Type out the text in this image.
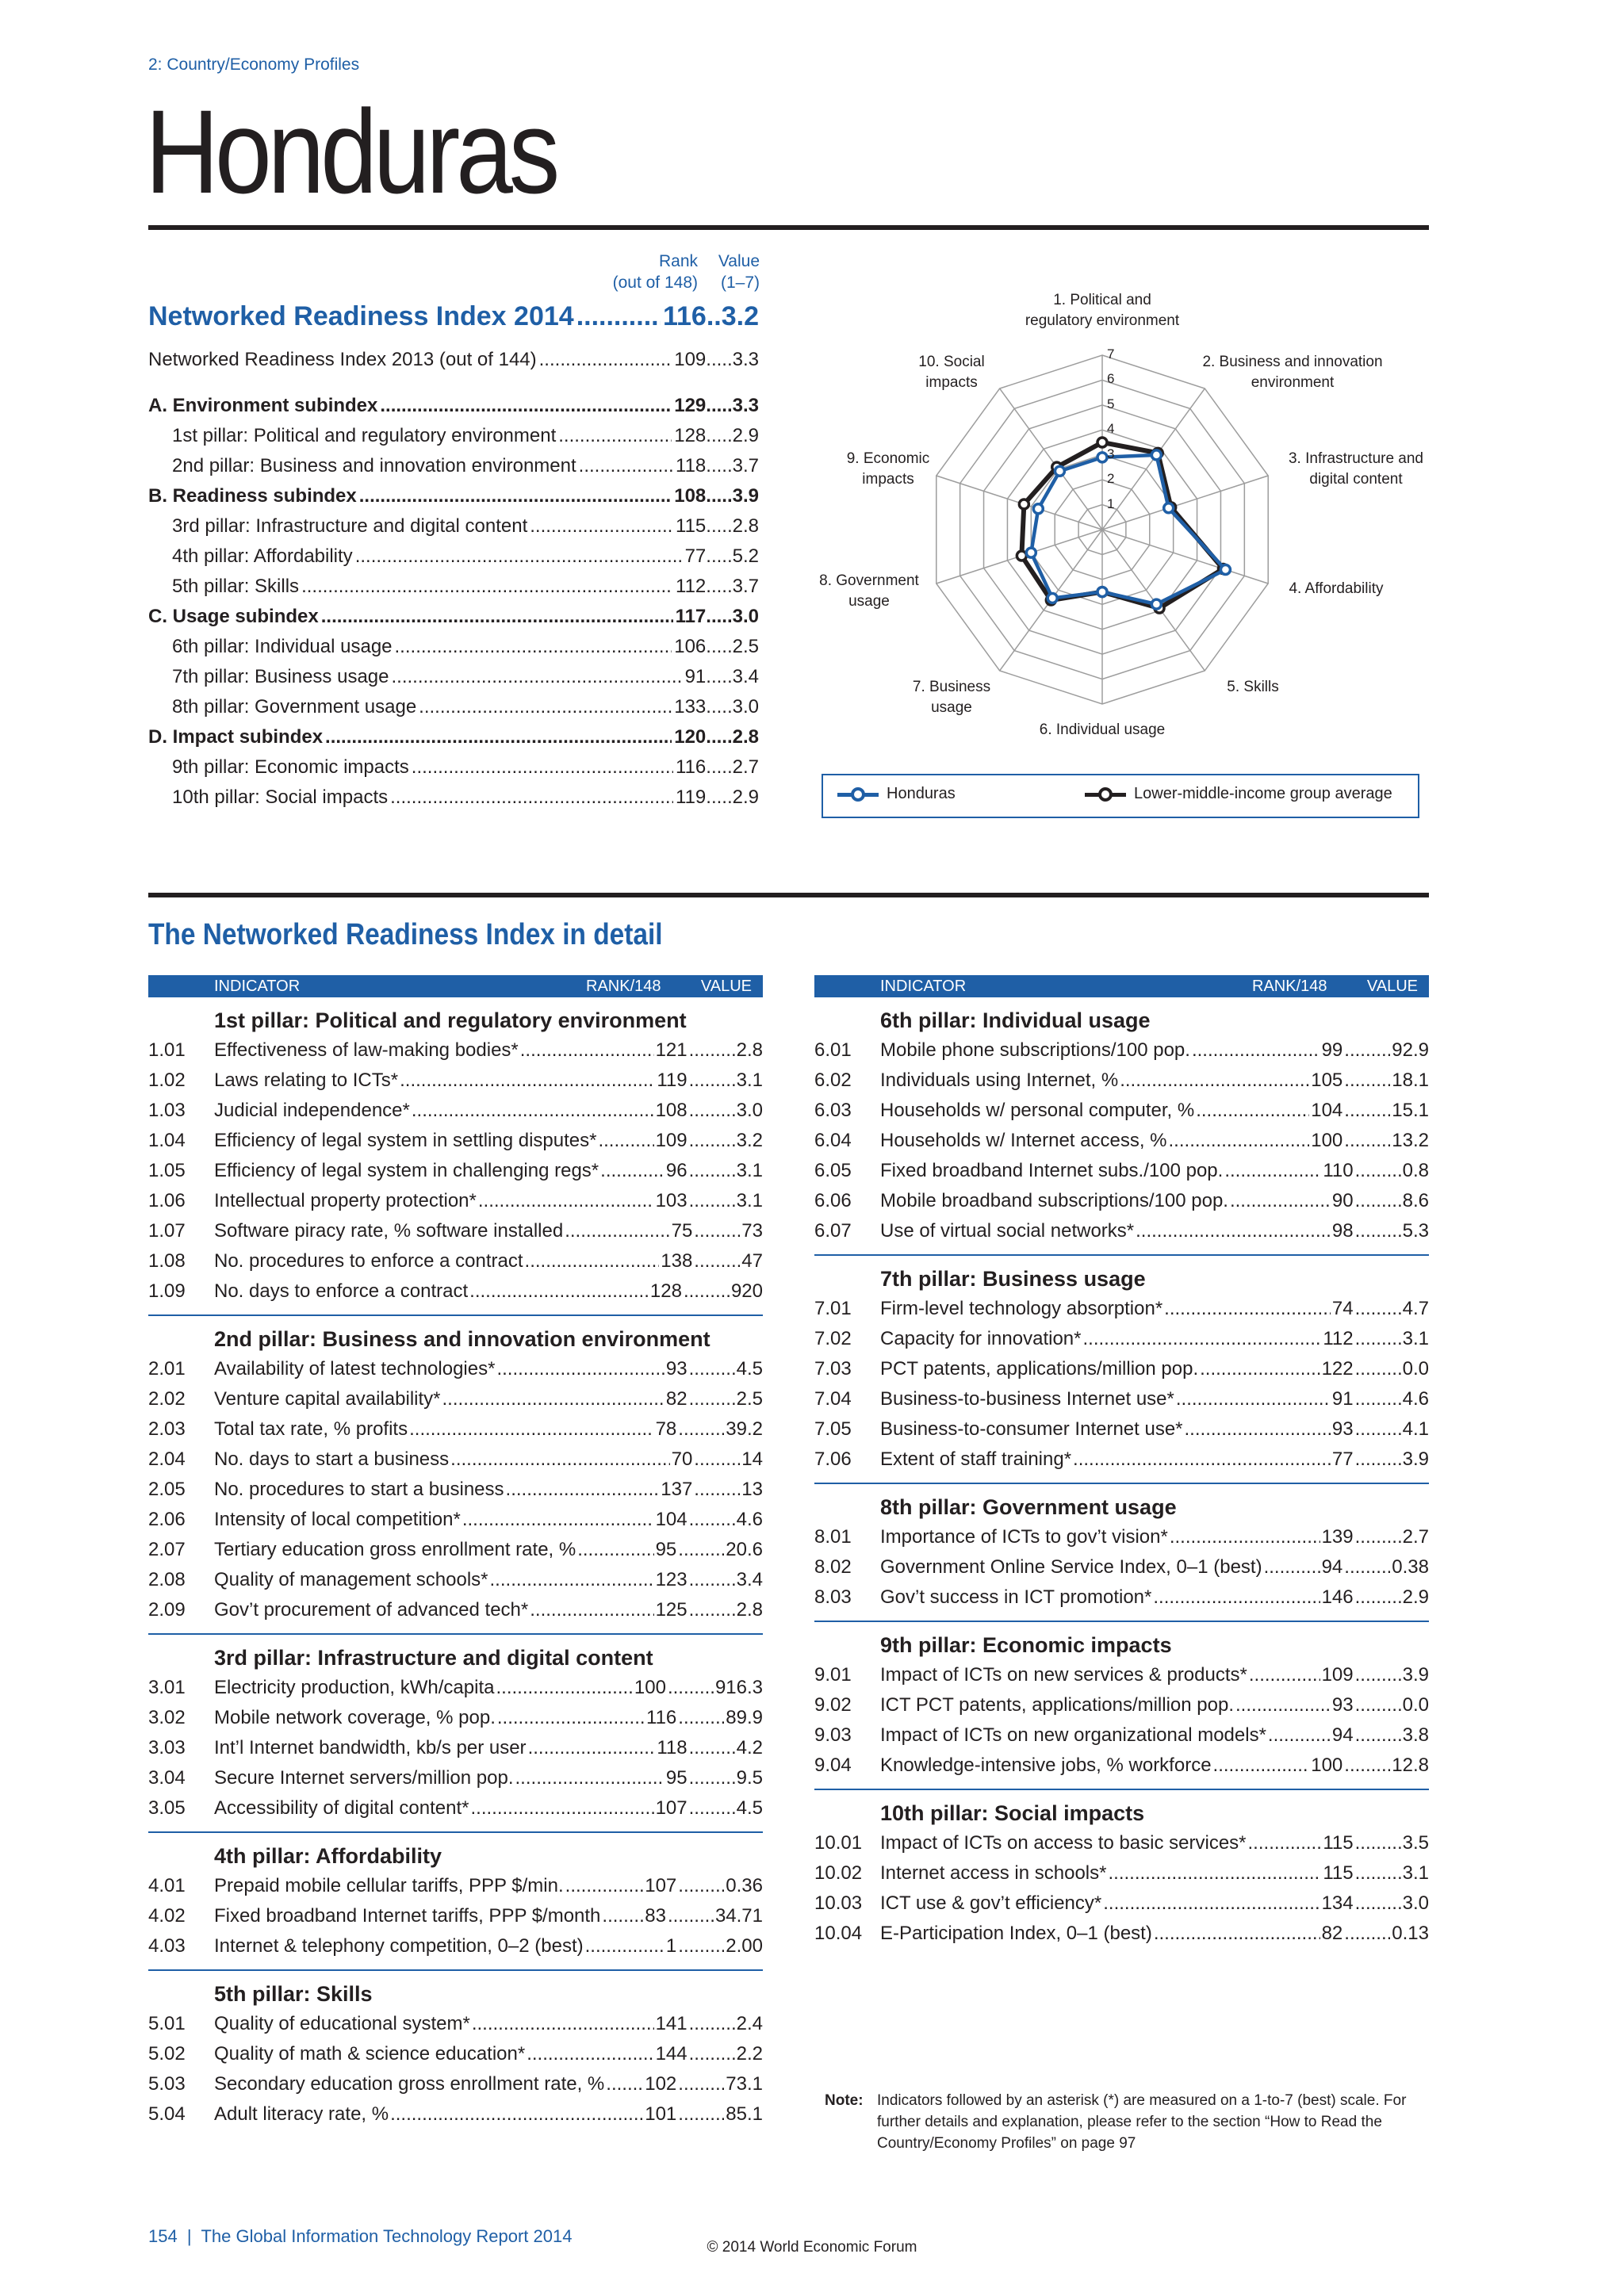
2: Country/Economy Profiles
Honduras
Rank
(out of 148)
Value
(1–7)
Networked Readiness Index 2014 .....	116 .. 3.2
Networked Readiness Index 2013 (out of 144) .....	109 ..... 3.3
A. Environment subindex .....	129 ..... 3.3
1st pillar: Political and regulatory environment .....	128 ..... 2.9
2nd pillar: Business and innovation environment .....	118 ..... 3.7
B. Readiness subindex .....	108 ..... 3.9
3rd pillar: Infrastructure and digital content .....	115 ..... 2.8
4th pillar: Affordability .....	77 ..... 5.2
5th pillar: Skills .....	112 ..... 3.7
C. Usage subindex .....	117 ..... 3.0
6th pillar: Individual usage .....	106 ..... 2.5
7th pillar: Business usage .....	91 ..... 3.4
8th pillar: Government usage .....	133 ..... 3.0
D. Impact subindex .....	120 ..... 2.8
9th pillar: Economic impacts .....	116 ..... 2.7
10th pillar: Social impacts .....	119 ..... 2.9
1
2
3
4
5
6
7
1. Political and
regulatory environment
2. Business and innovation
environment
3. Infrastructure and
digital content
4. Affordability
5. Skills
6. Individual usage
7. Business
usage
8. Government
usage
9. Economic
impacts
10. Social
impacts
Honduras	Lower-middle-income group average
The Networked Readiness Index in detail
INDICATOR	RANK/148	VALUE
1st pillar: Political and regulatory environment
1.01	Effectiveness of law-making bodies* .....	121 .....	2.8
1.02	Laws relating to ICTs* .....	119 .....	3.1
1.03	Judicial independence* .....	108 .....	3.0
1.04	Efficiency of legal system in settling disputes* .....	109 .....	3.2
1.05	Efficiency of legal system in challenging regs* .....	96 .....	3.1
1.06	Intellectual property protection* .....	103 .....	3.1
1.07	Software piracy rate, % software installed .....	75 .....	73
1.08	No. procedures to enforce a contract .....	138 .....	47
1.09	No. days to enforce a contract .....	128 .....	920
2nd pillar: Business and innovation environment
2.01	Availability of latest technologies* .....	93 .....	4.5
2.02	Venture capital availability* .....	82 .....	2.5
2.03	Total tax rate, % profits .....	78 .....	39.2
2.04	No. days to start a business .....	70 .....	14
2.05	No. procedures to start a business .....	137 .....	13
2.06	Intensity of local competition* .....	104 .....	4.6
2.07	Tertiary education gross enrollment rate, % .....	95 .....	20.6
2.08	Quality of management schools* .....	123 .....	3.4
2.09	Gov’t procurement of advanced tech* .....	125 .....	2.8
3rd pillar: Infrastructure and digital content
3.01	Electricity production, kWh/capita .....	100 .....	916.3
3.02	Mobile network coverage, % pop. .....	116 .....	89.9
3.03	Int’l Internet bandwidth, kb/s per user .....	118 .....	4.2
3.04	Secure Internet servers/million pop. .....	95 .....	9.5
3.05	Accessibility of digital content* .....	107 .....	4.5
4th pillar: Affordability
4.01	Prepaid mobile cellular tariffs, PPP $/min. .....	107 .....	0.36
4.02	Fixed broadband Internet tariffs, PPP $/month ..... 83 .....	34.71
4.03	Internet & telephony competition, 0–2 (best) .....	1 .....	2.00
5th pillar: Skills
5.01	Quality of educational system* .....	141 .....	2.4
5.02	Quality of math & science education* .....	144 .....	2.2
5.03	Secondary education gross enrollment rate, % ..... 102 .....	73.1
5.04	Adult literacy rate, % .....	101 .....	85.1
INDICATOR	RANK/148	VALUE
6th pillar: Individual usage
6.01	Mobile phone subscriptions/100 pop. .....	99 .....	92.9
6.02	Individuals using Internet, % .....	105 .....	18.1
6.03	Households w/ personal computer, % .....	104 .....	15.1
6.04	Households w/ Internet access, % .....	100 .....	13.2
6.05	Fixed broadband Internet subs./100 pop. .....	110 .....	0.8
6.06	Mobile broadband subscriptions/100 pop. .....	90 .....	8.6
6.07	Use of virtual social networks* .....	98 .....	5.3
7th pillar: Business usage
7.01	Firm-level technology absorption* .....	74 .....	4.7
7.02	Capacity for innovation* .....	112 .....	3.1
7.03	PCT patents, applications/million pop. .....	122 .....	0.0
7.04	Business-to-business Internet use* .....	91 .....	4.6
7.05	Business-to-consumer Internet use* .....	93 .....	4.1
7.06	Extent of staff training* .....	77 .....	3.9
8th pillar: Government usage
8.01	Importance of ICTs to gov’t vision* .....	139 .....	2.7
8.02	Government Online Service Index, 0–1 (best) .....	94 .....	0.38
8.03	Gov’t success in ICT promotion* .....	146 .....	2.9
9th pillar: Economic impacts
9.01	Impact of ICTs on new services & products* .....	109 .....	3.9
9.02	ICT PCT patents, applications/million pop. .....	93 .....	0.0
9.03	Impact of ICTs on new organizational models* .....	94 .....	3.8
9.04	Knowledge-intensive jobs, % workforce .....	100 .....	12.8
10th pillar: Social impacts
10.01 Impact of ICTs on access to basic services* .....	115 .....	3.5
10.02 Internet access in schools* .....	115 .....	3.1
10.03 ICT use & gov’t efficiency* .....	134 .....	3.0
10.04 E-Participation Index, 0–1 (best) .....	82 .....	0.13
Note: Indicators followed by an asterisk (*) are measured on a 1-to-7 (best) scale. For further details and explanation, please refer to the section “How to Read the Country/Economy Profiles” on page 97
154  |  The Global Information Technology Report 2014
© 2014 World Economic Forum
